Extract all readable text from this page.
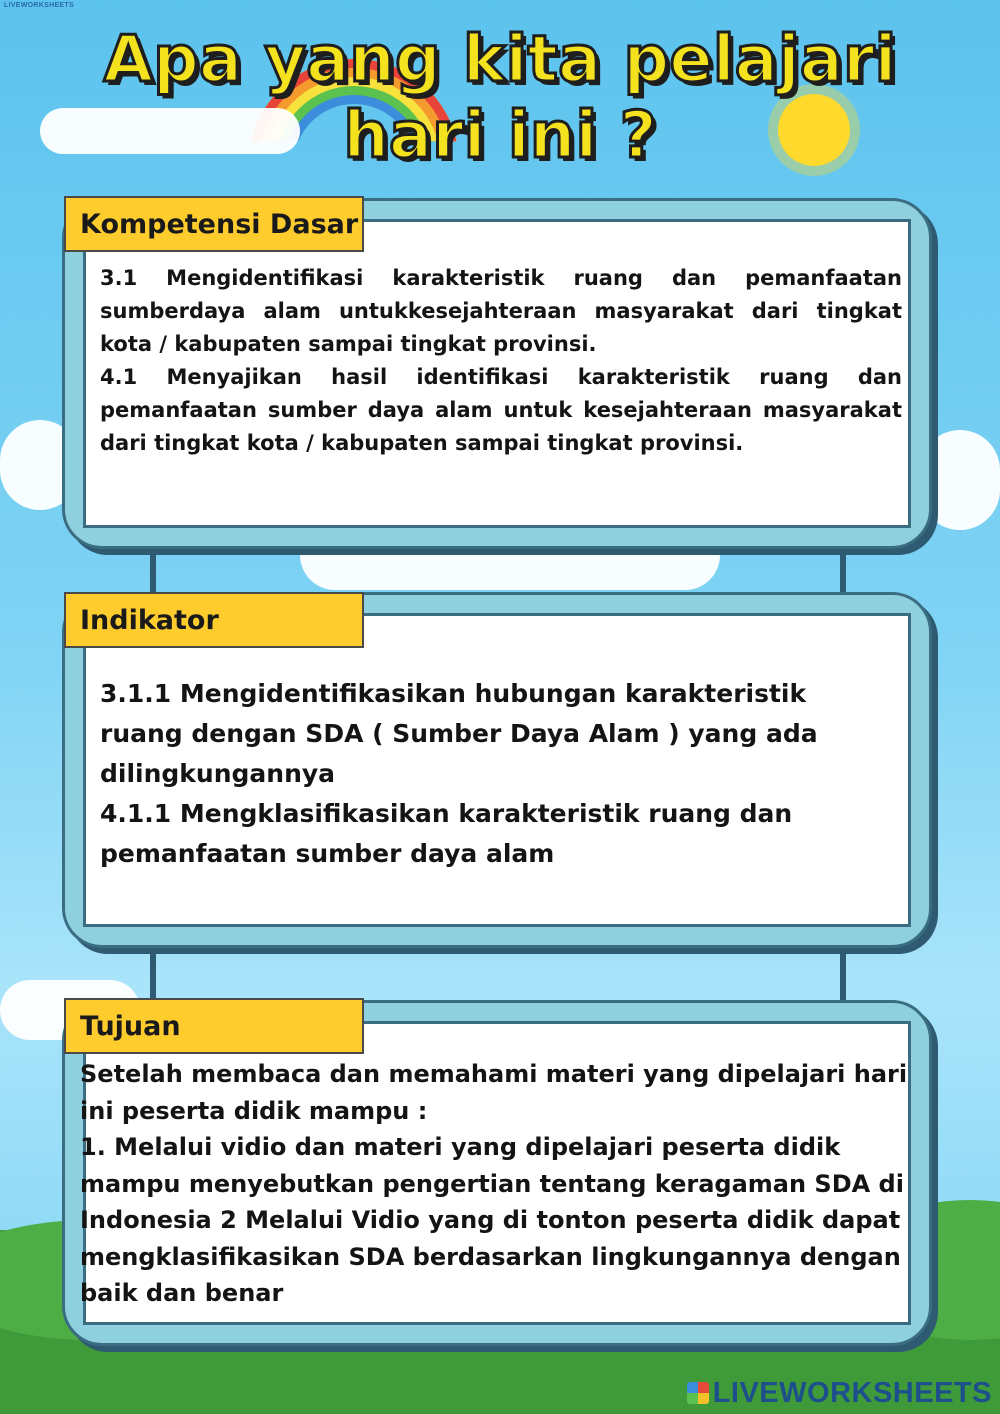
LIVEWORKSHEETS
Apa yang kita pelajari
hari ini ?
Kompetensi Dasar

3.1 Mengidentifikasi karakteristik ruang dan pemanfaatan sumberdaya alam untukkesejahteraan masyarakat dari tingkat kota / kabupaten sampai tingkat provinsi.

4.1 Menyajikan hasil identifikasi karakteristik ruang dan pemanfaatan sumber daya alam untuk kesejahteraan masyarakat dari tingkat kota / kabupaten sampai tingkat provinsi.

Indikator

3.1.1 Mengidentifikasikan hubungan karakteristik ruang dengan SDA ( Sumber Daya Alam ) yang ada dilingkungannya

4.1.1 Mengklasifikasikan karakteristik ruang dan pemanfaatan sumber daya alam

Tujuan

Setelah membaca dan memahami materi yang dipelajari hari ini peserta didik mampu :

1. Melalui vidio dan materi yang dipelajari peserta didik mampu menyebutkan pengertian tentang keragaman SDA di Indonesia 2 Melalui Vidio yang di tonton peserta didik dapat mengklasifikasikan SDA berdasarkan lingkungannya dengan baik dan benar

LIVEWORKSHEETS
